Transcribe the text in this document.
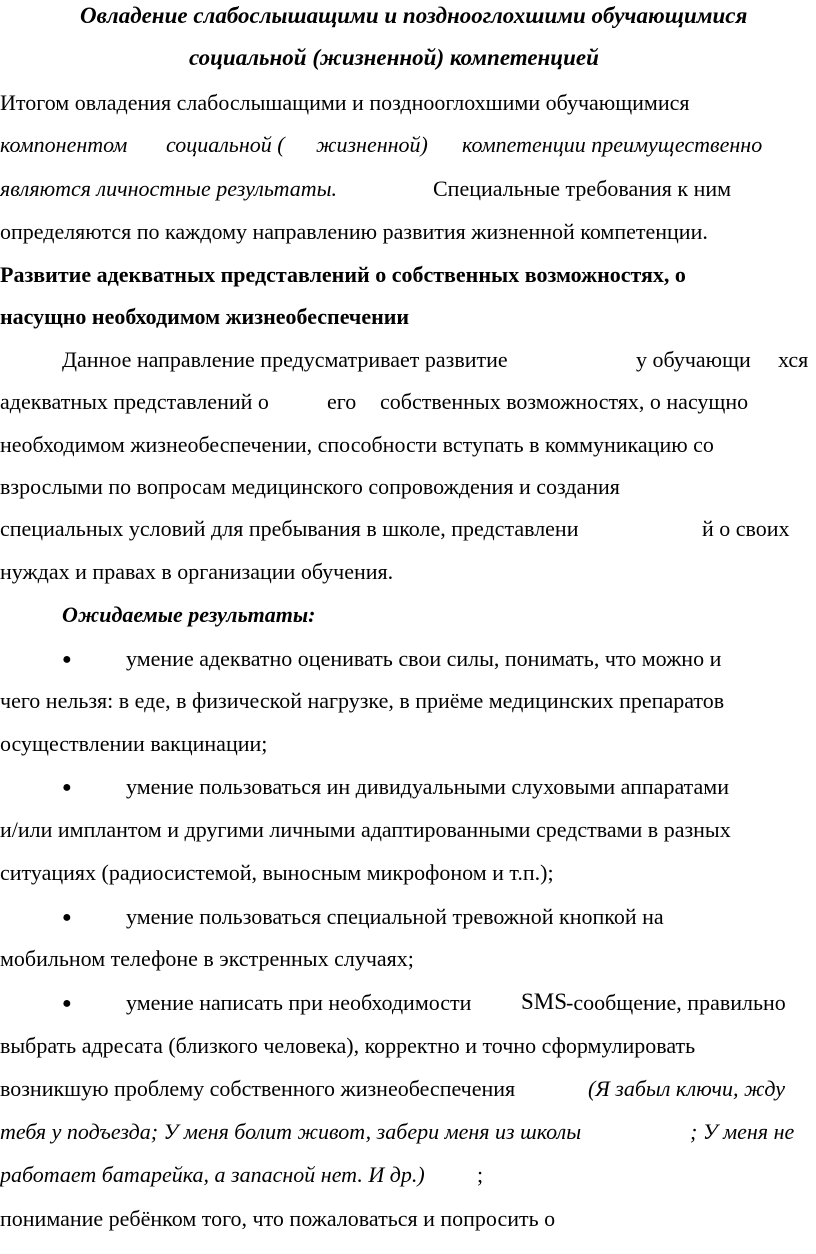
Овладение слабослышащими и позднооглохшими обучающимися
социальной (жизненной) компетенцией
Итогом овладения слабослышащими и позднооглохшими обучающимися
компонентом социальной ( жизненной) компетенции преимущественно
являются личностные результаты.	Специальные требования к ним
определяются по каждому направлению развития жизненной компетенции.
Развитие адекватных представлений о собственных возможностях, о
насущно необходимом жизнеобеспечении
Данное направление предусматривает развитие	у обучающи хся
адекватных представлений о	его собственных возможностях, о насущно
необходимом жизнеобеспечении, способности вступать в коммуникацию со
взрослыми по вопросам медицинского сопровождения и создания
специальных условий для пребывания в школе, представлени	й о своих
нуждах и правах в организации обучения.
Ожидаемые результаты:
● умение адекватно оценивать свои силы, понимать, что можно и
чего нельзя: в еде, в физической нагрузке, в приёме медицинских препаратов
осуществлении вакцинации;
● умение пользоваться ин дивидуальными слуховыми аппаратами
и/или имплантом и другими личными адаптированными средствами в разных
ситуациях (радиосистемой, выносным микрофоном и т.п.);
● умение пользоваться специальной тревожной кнопкой на
мобильном телефоне в экстренных случаях;
● умение написать при необходимости SMS
-сообщение, правильно
выбрать адресата (близкого человека), корректно и точно сформулировать
возникшую проблему собственного жизнеобеспечения	(Я забыл ключи, жду
тебя у подъезда; У меня болит живот, забери меня из школы	; У меня не
работает батарейка, а запасной нет. И др.) ;
понимание ребёнком того, что пожаловаться и попросить о
